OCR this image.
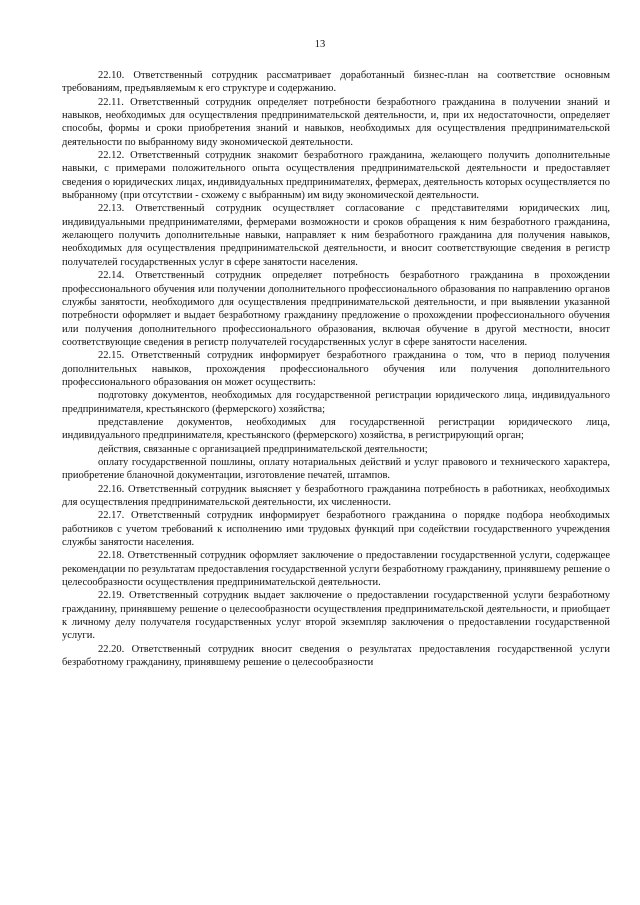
13

22.10. Ответственный сотрудник рассматривает доработанный бизнес-план на соответствие основным требованиям, предъявляемым к его структуре и содержанию.

22.11. Ответственный сотрудник определяет потребности безработного гражданина в получении знаний и навыков, необходимых для осуществления предпринимательской деятельности, и, при их недостаточности, определяет способы, формы и сроки приобретения знаний и навыков, необходимых для осуществления предпринимательской деятельности по выбранному виду экономической деятельности.

22.12. Ответственный сотрудник знакомит безработного гражданина, желающего получить дополнительные навыки, с примерами положительного опыта осуществления предпринимательской деятельности и предоставляет сведения о юридических лицах, индивидуальных предпринимателях, фермерах, деятельность которых осуществляется по выбранному (при отсутствии - схожему с выбранным) им виду экономической деятельности.

22.13. Ответственный сотрудник осуществляет согласование с представителями юридических лиц, индивидуальными предпринимателями, фермерами возможности и сроков обращения к ним безработного гражданина, желающего получить дополнительные навыки, направляет к ним безработного гражданина для получения навыков, необходимых для осуществления предпринимательской деятельности, и вносит соответствующие сведения в регистр получателей государственных услуг в сфере занятости населения.

22.14. Ответственный сотрудник определяет потребность безработного гражданина в прохождении профессионального обучения или получении дополнительного профессионального образования по направлению органов службы занятости, необходимого для осуществления предпринимательской деятельности, и при выявлении указанной потребности оформляет и выдает безработному гражданину предложение о прохождении профессионального обучения или получения дополнительного профессионального образования, включая обучение в другой местности, вносит соответствующие сведения в регистр получателей государственных услуг в сфере занятости населения.

22.15. Ответственный сотрудник информирует безработного гражданина о том, что в период получения дополнительных навыков, прохождения профессионального обучения или получения дополнительного профессионального образования он может осуществить:

подготовку документов, необходимых для государственной регистрации юридического лица, индивидуального предпринимателя, крестьянского (фермерского) хозяйства;

представление документов, необходимых для государственной регистрации юридического лица, индивидуального предпринимателя, крестьянского (фермерского) хозяйства, в регистрирующий орган;

действия, связанные с организацией предпринимательской деятельности;

оплату государственной пошлины, оплату нотариальных действий и услуг правового и технического характера, приобретение бланочной документации, изготовление печатей, штампов.

22.16. Ответственный сотрудник выясняет у безработного гражданина потребность в работниках, необходимых для осуществления предпринимательской деятельности, их численности.

22.17. Ответственный сотрудник информирует безработного гражданина о порядке подбора необходимых работников с учетом требований к исполнению ими трудовых функций при содействии государственного учреждения службы занятости населения.

22.18. Ответственный сотрудник оформляет заключение о предоставлении государственной услуги, содержащее рекомендации по результатам предоставления государственной услуги безработному гражданину, принявшему решение о целесообразности осуществления предпринимательской деятельности.

22.19. Ответственный сотрудник выдает заключение о предоставлении государственной услуги безработному гражданину, принявшему решение о целесообразности осуществления предпринимательской деятельности, и приобщает к личному делу получателя государственных услуг второй экземпляр заключения о предоставлении государственной услуги.

22.20. Ответственный сотрудник вносит сведения о результатах предоставления государственной услуги безработному гражданину, принявшему решение о целесообразности
